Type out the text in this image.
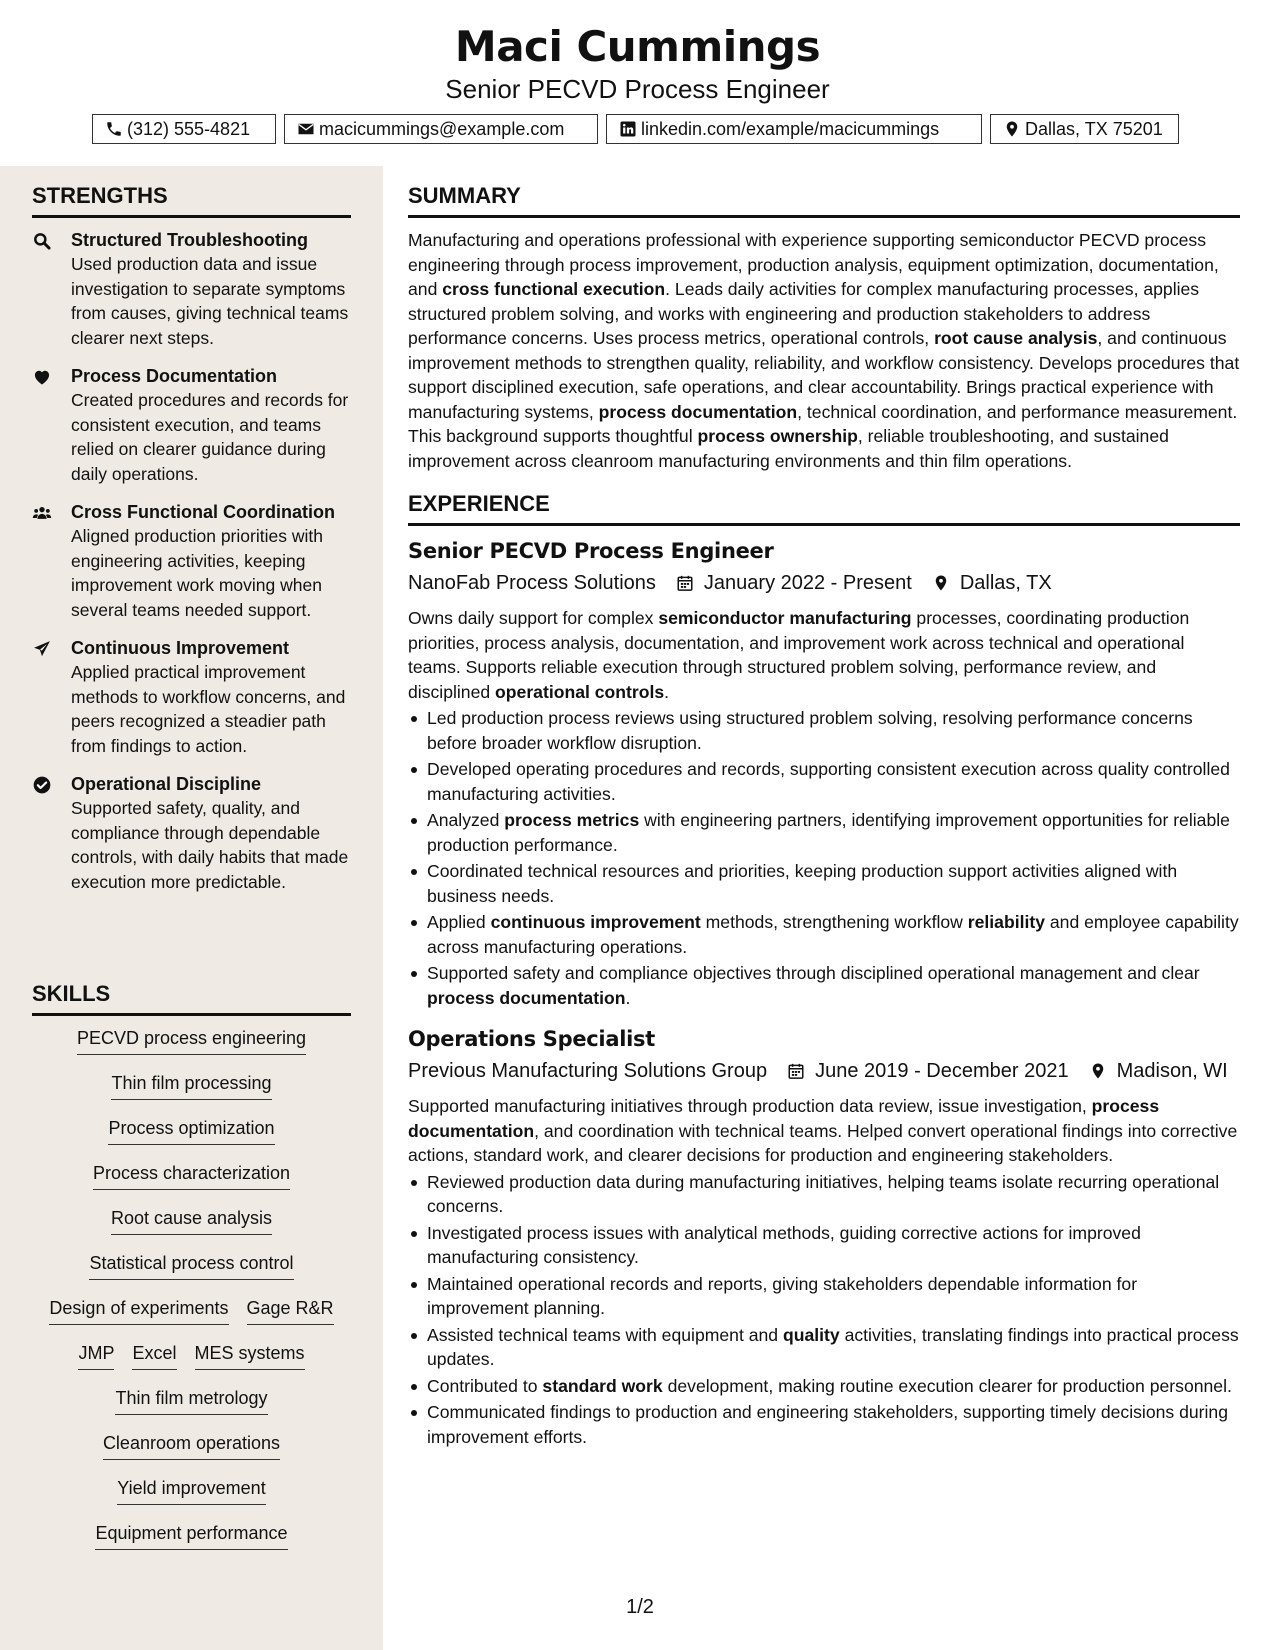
Maci Cummings
Senior PECVD Process Engineer
(312) 555-4821	macicummings@example.com	linkedin.com/example/macicummings	Dallas, TX 75201
STRENGTHS
Structured Troubleshooting
Used production data and issue investigation to separate symptoms from causes, giving technical teams clearer next steps.
Process Documentation
Created procedures and records for consistent execution, and teams relied on clearer guidance during daily operations.
Cross Functional Coordination
Aligned production priorities with engineering activities, keeping improvement work moving when several teams needed support.
Continuous Improvement
Applied practical improvement methods to workflow concerns, and peers recognized a steadier path from findings to action.
Operational Discipline
Supported safety, quality, and compliance through dependable controls, with daily habits that made execution more predictable.
SKILLS
PECVD process engineering
Thin film processing
Process optimization
Process characterization
Root cause analysis
Statistical process control
Design of experiments Gage R&R
JMP Excel MES systems
Thin film metrology
Cleanroom operations
Yield improvement
Equipment performance
SUMMARY
Manufacturing and operations professional with experience supporting semiconductor PECVD process engineering through process improvement, production analysis, equipment optimization, documentation, and cross functional execution. Leads daily activities for complex manufacturing processes, applies structured problem solving, and works with engineering and production stakeholders to address performance concerns. Uses process metrics, operational controls, root cause analysis, and continuous improvement methods to strengthen quality, reliability, and workflow consistency. Develops procedures that support disciplined execution, safe operations, and clear accountability. Brings practical experience with manufacturing systems, process documentation, technical coordination, and performance measurement. This background supports thoughtful process ownership, reliable troubleshooting, and sustained improvement across cleanroom manufacturing environments and thin film operations.
EXPERIENCE
Senior PECVD Process Engineer
NanoFab Process Solutions January 2022 - Present Dallas, TX
Owns daily support for complex semiconductor manufacturing processes, coordinating production priorities, process analysis, documentation, and improvement work across technical and operational teams. Supports reliable execution through structured problem solving, performance review, and disciplined operational controls.
Led production process reviews using structured problem solving, resolving performance concerns before broader workflow disruption.
Developed operating procedures and records, supporting consistent execution across quality controlled manufacturing activities.
Analyzed process metrics with engineering partners, identifying improvement opportunities for reliable production performance.
Coordinated technical resources and priorities, keeping production support activities aligned with business needs.
Applied continuous improvement methods, strengthening workflow reliability and employee capability across manufacturing operations.
Supported safety and compliance objectives through disciplined operational management and clear process documentation.
Operations Specialist
Previous Manufacturing Solutions Group June 2019 - December 2021 Madison, WI
Supported manufacturing initiatives through production data review, issue investigation, process documentation, and coordination with technical teams. Helped convert operational findings into corrective actions, standard work, and clearer decisions for production and engineering stakeholders.
Reviewed production data during manufacturing initiatives, helping teams isolate recurring operational concerns.
Investigated process issues with analytical methods, guiding corrective actions for improved manufacturing consistency.
Maintained operational records and reports, giving stakeholders dependable information for improvement planning.
Assisted technical teams with equipment and quality activities, translating findings into practical process updates.
Contributed to standard work development, making routine execution clearer for production personnel.
Communicated findings to production and engineering stakeholders, supporting timely decisions during improvement efforts.
1/2
